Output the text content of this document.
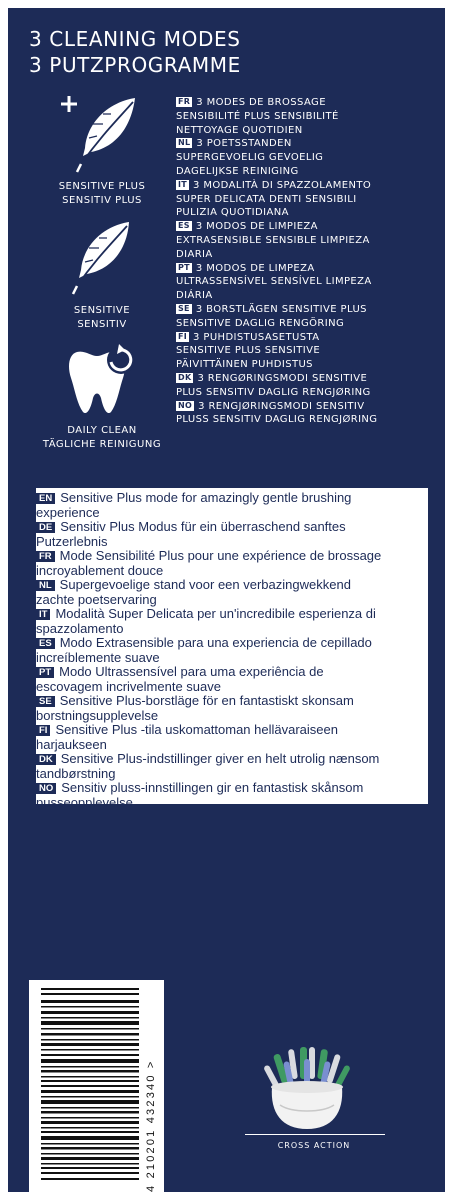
3 CLEANING MODES
3 PUTZPROGRAMME
SENSITIVE PLUS
SENSITIV PLUS
SENSITIVE
SENSITIV
DAILY CLEAN
TÄGLICHE REINIGUNG
FR 3 MODES DE BROSSAGE
SENSIBILITÉ PLUS SENSIBILITÉ
NETTOYAGE QUOTIDIEN
NL 3 POETSSTANDEN
SUPERGEVOELIG GEVOELIG
DAGELIJKSE REINIGING
IT 3 MODALITÀ DI SPAZZOLAMENTO
SUPER DELICATA DENTI SENSIBILI
PULIZIA QUOTIDIANA
ES 3 MODOS DE LIMPIEZA
EXTRASENSIBLE SENSIBLE LIMPIEZA
DIARIA
PT 3 MODOS DE LIMPEZA
ULTRASSENSÍVEL SENSÍVEL LIMPEZA
DIÁRIA
SE 3 BORSTLÄGEN SENSITIVE PLUS
SENSITIVE DAGLIG RENGÖRING
FI 3 PUHDISTUSASETUSTA
SENSITIVE PLUS SENSITIVE
PÄIVITTÄINEN PUHDISTUS
DK 3 RENGØRINGSMODI SENSITIVE
PLUS SENSITIV DAGLIG RENGJØRING
NO 3 RENGJØRINGSMODI SENSITIV
PLUSS SENSITIV DAGLIG RENGJØRING
EN Sensitive Plus mode for amazingly gentle brushing
experience
DE Sensitiv Plus Modus für ein überraschend sanftes
Putzerlebnis
FR Mode Sensibilité Plus pour une expérience de brossage
incroyablement douce
NL Supergevoelige stand voor een verbazingwekkend
zachte poetservaring
IT Modalità Super Delicata per un'incredibile esperienza di
spazzolamento
ES Modo Extrasensible para una experiencia de cepillado
increíblemente suave
PT Modo Ultrassensível para uma experiência de
escovagem incrivelmente suave
SE Sensitive Plus-borstläge för en fantastiskt skonsam
borstningsupplevelse
FI Sensitive Plus -tila uskomattoman hellävaraiseen
harjaukseen
DK Sensitive Plus-indstillinger giver en helt utrolig nænsom
tandbørstning
NO Sensitiv pluss-innstillingen gir en fantastisk skånsom
pusseopplevelse
4 210201 432340 >	CROSS ACTION
